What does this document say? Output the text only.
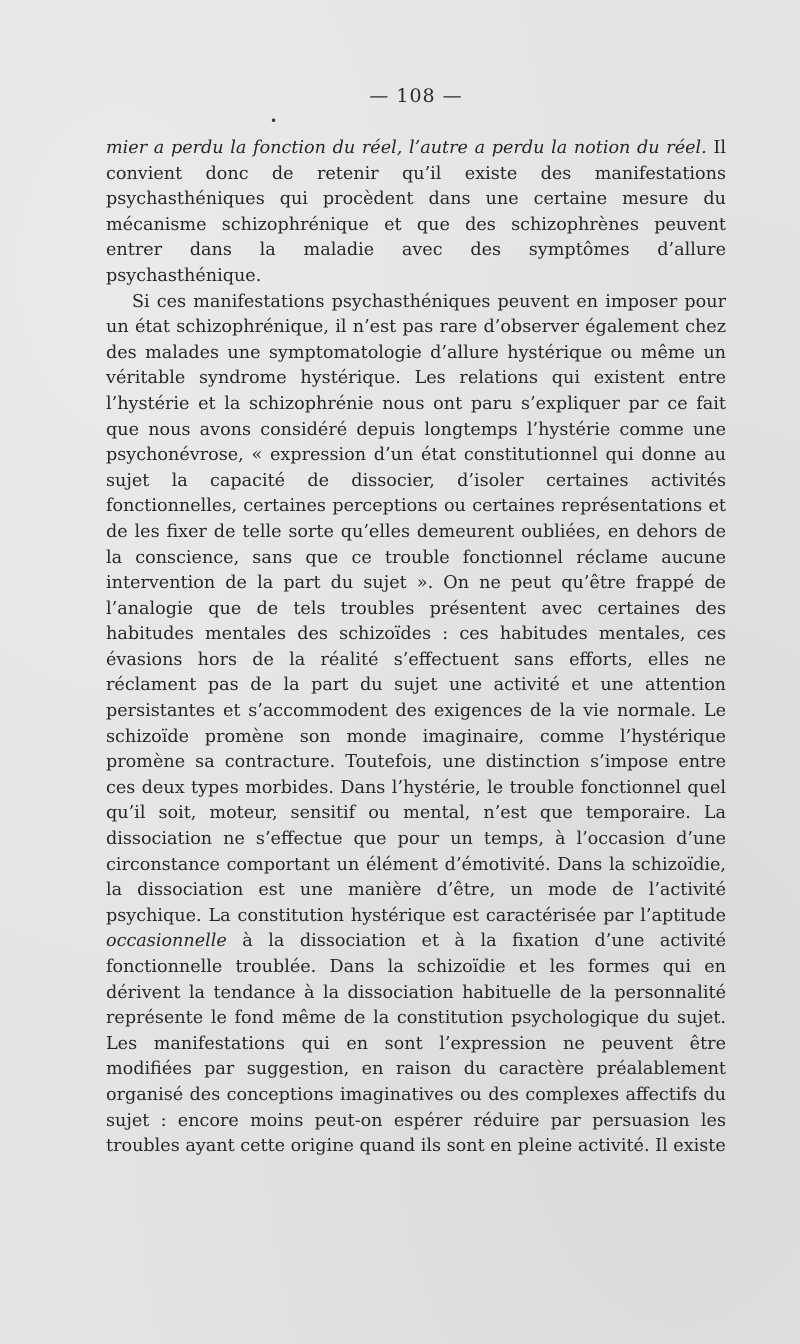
— 108 —
•

mier a perdu la fonction du réel, l’autre a perdu la notion du réel. Il convient donc de retenir qu’il existe des manifestations psychasthéniques qui procèdent dans une certaine mesure du mécanisme schizophrénique et que des schizophrènes peuvent entrer dans la maladie avec des symptômes d’allure psychasthénique.

Si ces manifestations psychasthéniques peuvent en imposer pour un état schizophrénique, il n’est pas rare d’observer également chez des malades une symptomatologie d’allure hystérique ou même un véritable syndrome hystérique. Les relations qui existent entre l’hystérie et la schizophrénie nous ont paru s’expliquer par ce fait que nous avons considéré depuis longtemps l’hystérie comme une psychonévrose, « expression d’un état constitutionnel qui donne au sujet la capacité de dissocier, d’isoler certaines activités fonctionnelles, certaines perceptions ou certaines représentations et de les fixer de telle sorte qu’elles demeurent oubliées, en dehors de la conscience, sans que ce trouble fonctionnel réclame aucune intervention de la part du sujet ». On ne peut qu’être frappé de l’analogie que de tels troubles présentent avec certaines des habitudes mentales des schizoïdes : ces habitudes mentales, ces évasions hors de la réalité s’effectuent sans efforts, elles ne réclament pas de la part du sujet une activité et une attention persistantes et s’accommodent des exigences de la vie normale. Le schizoïde promène son monde imaginaire, comme l’hystérique promène sa contracture. Toutefois, une distinction s’impose entre ces deux types morbides. Dans l’hystérie, le trouble fonctionnel quel qu’il soit, moteur, sensitif ou mental, n’est que temporaire. La dissociation ne s’effectue que pour un temps, à l’occasion d’une circonstance comportant un élément d’émotivité. Dans la schizoïdie, la dissociation est une manière d’être, un mode de l’activité psychique. La constitution hystérique est caractérisée par l’aptitude occasionnelle à la dissociation et à la fixation d’une activité fonctionnelle troublée. Dans la schizoïdie et les formes qui en dérivent la tendance à la dissociation habituelle de la personnalité représente le fond même de la constitution psychologique du sujet. Les manifestations qui en sont l’expression ne peuvent être modifiées par suggestion, en raison du caractère préalablement organisé des conceptions imaginatives ou des complexes affectifs du sujet : encore moins peut-on espérer réduire par persuasion les troubles ayant cette origine quand ils sont en pleine activité. Il existe
